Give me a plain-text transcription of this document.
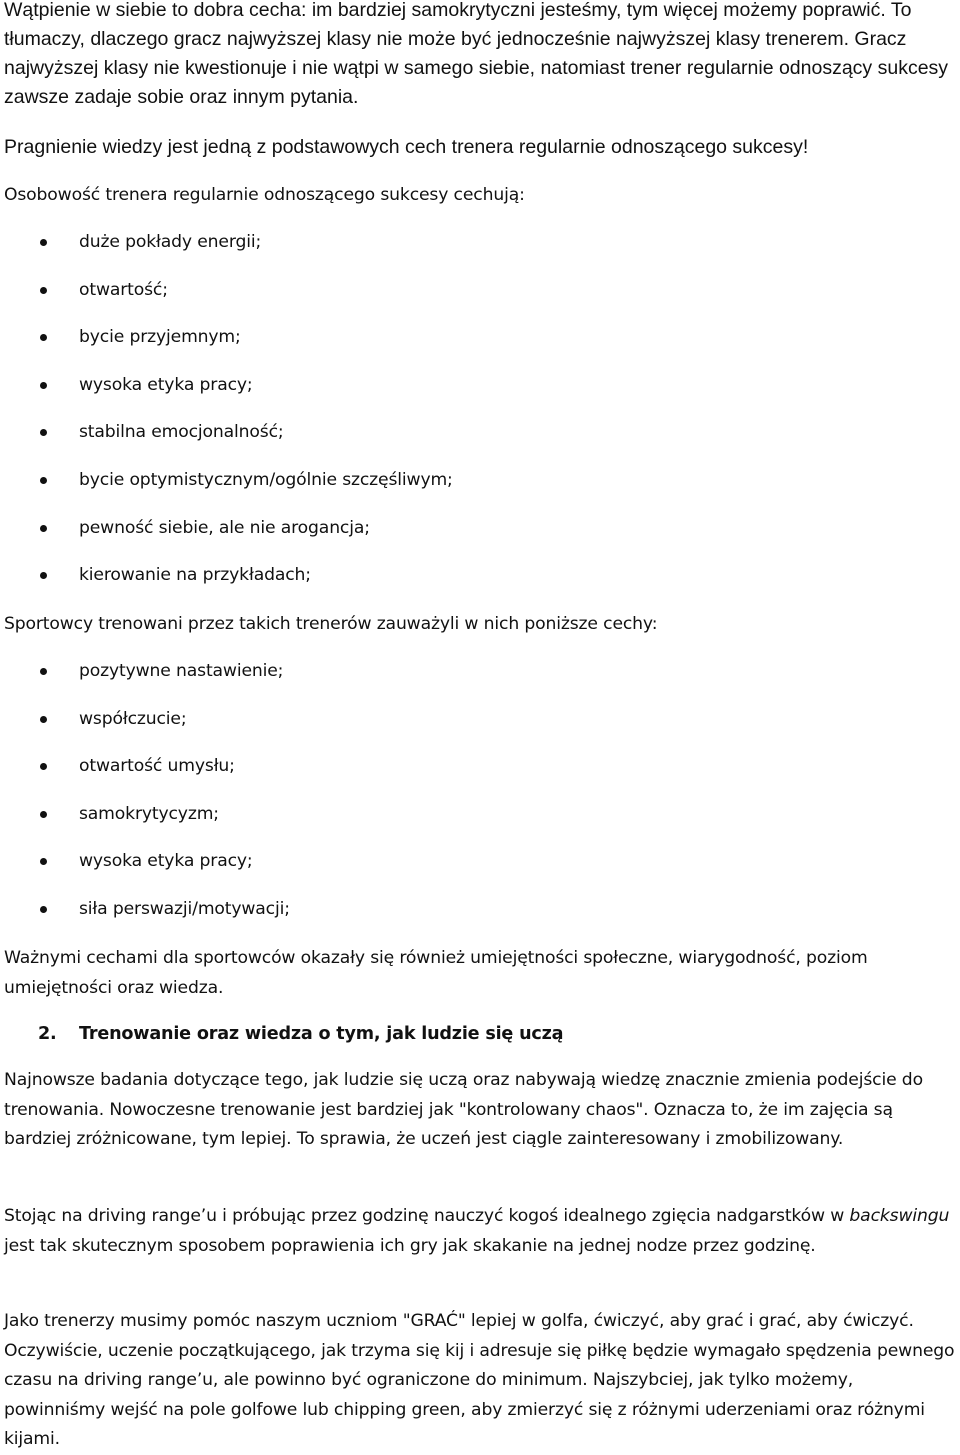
Wątpienie w siebie to dobra cecha: im bardziej samokrytyczni jesteśmy, tym więcej możemy poprawić. To tłumaczy, dlaczego gracz najwyższej klasy nie może być jednocześnie najwyższej klasy trenerem. Gracz najwyższej klasy nie kwestionuje i nie wątpi w samego siebie, natomiast trener regularnie odnoszący sukcesy zawsze zadaje sobie oraz innym pytania.

Pragnienie wiedzy jest jedną z podstawowych cech trenera regularnie odnoszącego sukcesy!

Osobowość trenera regularnie odnoszącego sukcesy cechują:

duże pokłady energii;
otwartość;
bycie przyjemnym;
wysoka etyka pracy;
stabilna emocjonalność;
bycie optymistycznym/ogólnie szczęśliwym;
pewność siebie, ale nie arogancja;
kierowanie na przykładach;

Sportowcy trenowani przez takich trenerów zauważyli w nich poniższe cechy:

pozytywne nastawienie;
współczucie;
otwartość umysłu;
samokrytycyzm;
wysoka etyka pracy;
siła perswazji/motywacji;

Ważnymi cechami dla sportowców okazały się również umiejętności społeczne, wiarygodność, poziom umiejętności oraz wiedza.

2. Trenowanie oraz wiedza o tym, jak ludzie się uczą

Najnowsze badania dotyczące tego, jak ludzie się uczą oraz nabywają wiedzę znacznie zmienia podejście do trenowania. Nowoczesne trenowanie jest bardziej jak "kontrolowany chaos". Oznacza to, że im zajęcia są bardziej zróżnicowane, tym lepiej. To sprawia, że uczeń jest ciągle zainteresowany i zmobilizowany.

Stojąc na driving range’u i próbując przez godzinę nauczyć kogoś idealnego zgięcia nadgarstków w backswingu jest tak skutecznym sposobem poprawienia ich gry jak skakanie na jednej nodze przez godzinę.

Jako trenerzy musimy pomóc naszym uczniom "GRAĆ" lepiej w golfa, ćwiczyć, aby grać i grać, aby ćwiczyć. Oczywiście, uczenie początkującego, jak trzyma się kij i adresuje się piłkę będzie wymagało spędzenia pewnego czasu na driving range’u, ale powinno być ograniczone do minimum. Najszybciej, jak tylko możemy, powinniśmy wejść na pole golfowe lub chipping green, aby zmierzyć się z różnymi uderzeniami oraz różnymi kijami.
